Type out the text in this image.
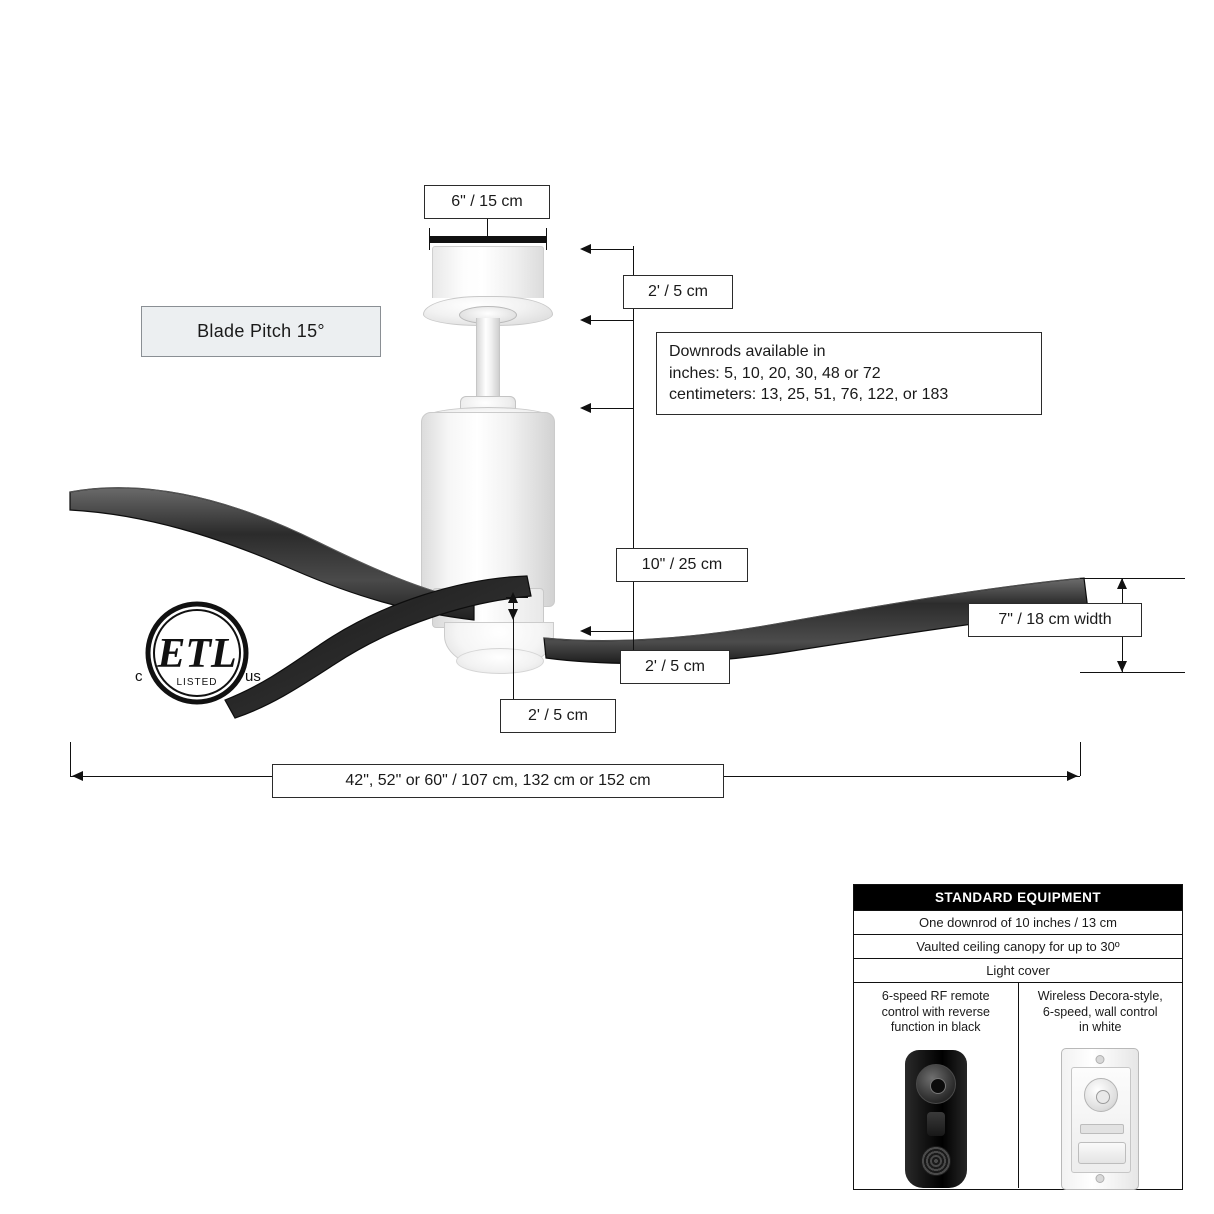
ETL
LISTED
c	us
6" / 15 cm
Blade Pitch 15°
2' / 5 cm
Downrods available in
inches: 5, 10, 20, 30, 48 or 72
centimeters: 13, 25, 51, 76, 122, or 183
10" / 25 cm
7" / 18 cm width
2' / 5 cm
2' / 5 cm
42", 52" or 60" / 107 cm, 132 cm or 152 cm
STANDARD EQUIPMENT
One downrod of 10 inches / 13 cm
Vaulted ceiling canopy for up to 30º
Light cover
6-speed RF remote
control with reverse
function in black
Wireless Decora-style,
6-speed, wall control
in white
